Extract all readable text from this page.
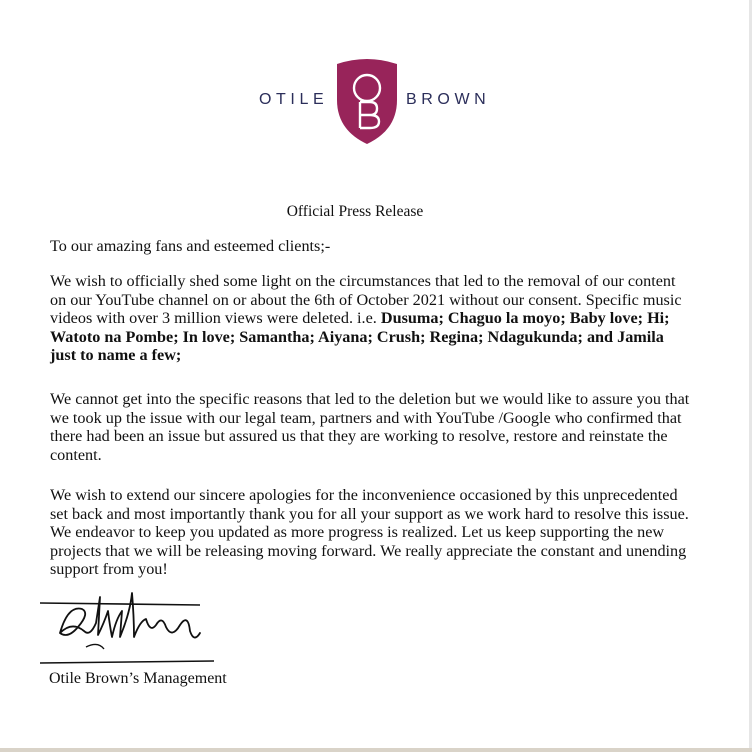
OTILE	BROWN
Official Press Release

To our amazing fans and esteemed clients;-

We wish to officially shed some light on the circumstances that led to the removal of our content on our YouTube channel on or about the 6th of October 2021 without our consent. Specific music videos with over 3 million views were deleted. i.e. Dusuma; Chaguo la moyo; Baby love; Hi; Watoto na Pombe; In love; Samantha; Aiyana; Crush; Regina; Ndagukunda; and Jamila just to name a few;

We cannot get into the specific reasons that led to the deletion but we would like to assure you that we took up the issue with our legal team, partners and with YouTube /Google who confirmed that there had been an issue but assured us that they are working to resolve, restore and reinstate the content.

We wish to extend our sincere apologies for the inconvenience occasioned by this unprecedented set back and most importantly thank you for all your support as we work hard to resolve this issue. We endeavor to keep you updated as more progress is realized. Let us keep supporting the new projects that we will be releasing moving forward. We really appreciate the constant and unending support from you!

Otile Brown’s Management
